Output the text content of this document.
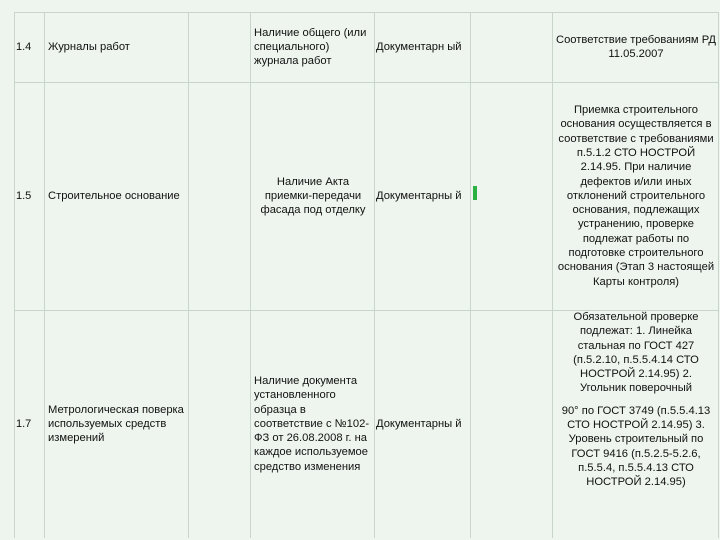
1.4	Журналы работ
Наличие общего (или специального) журнала работ
Документарн ый
Соответствие требованиям РД 11.05.2007
1.5	Строительное основание
Наличие Акта приемки-передачи фасада под отделку
Документарны й
Приемка строительного основания осуществляется в соответствие с требованиями п.5.1.2 СТО НОСТРОЙ 2.14.95. При наличие дефектов и/или иных отклонений строительного основания, подлежащих устранению, проверке подлежат работы по подготовке строительного основания (Этап 3 настоящей Карты контроля)
1.7
Метрологическая поверка используемых средств измерений
Наличие документа установленного образца в соответствие с №102-ФЗ от 26.08.2008 г. на каждое используемое средство изменения
Документарны й
Обязательной проверке подлежат: 1. Линейка стальная по ГОСТ 427 (п.5.2.10, п.5.5.4.14 СТО НОСТРОЙ 2.14.95) 2. Угольник поверочный
90° по ГОСТ 3749 (п.5.5.4.13 СТО НОСТРОЙ 2.14.95) 3. Уровень строительный по ГОСТ 9416 (п.5.2.5-5.2.6, п.5.5.4, п.5.5.4.13 СТО НОСТРОЙ 2.14.95)
